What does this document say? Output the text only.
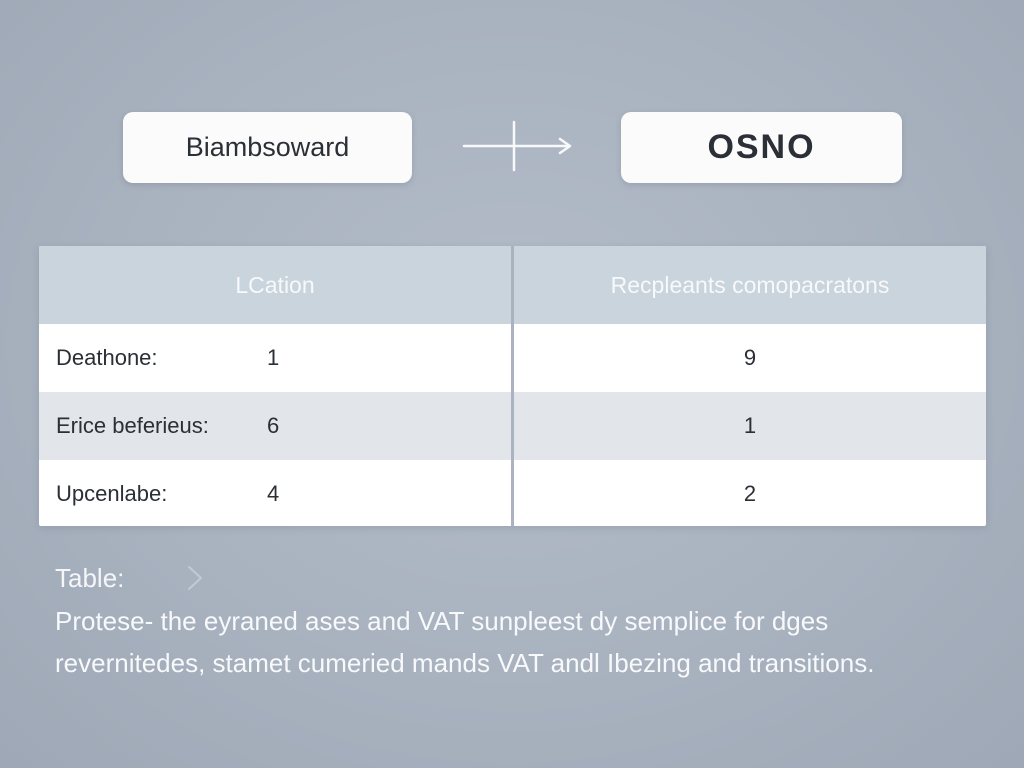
Biambsoward	OSNO
LCation	Recpleants comopacratons
Deathone:	1	9
Erice beferieus:	6	1
Upcenlabe:	4	2
Table:
Protese- the eyraned ases and VAT sunpleest dy semplice for dges revernitedes, stamet cumeried mands VAT andl Ibezing and transitions.
